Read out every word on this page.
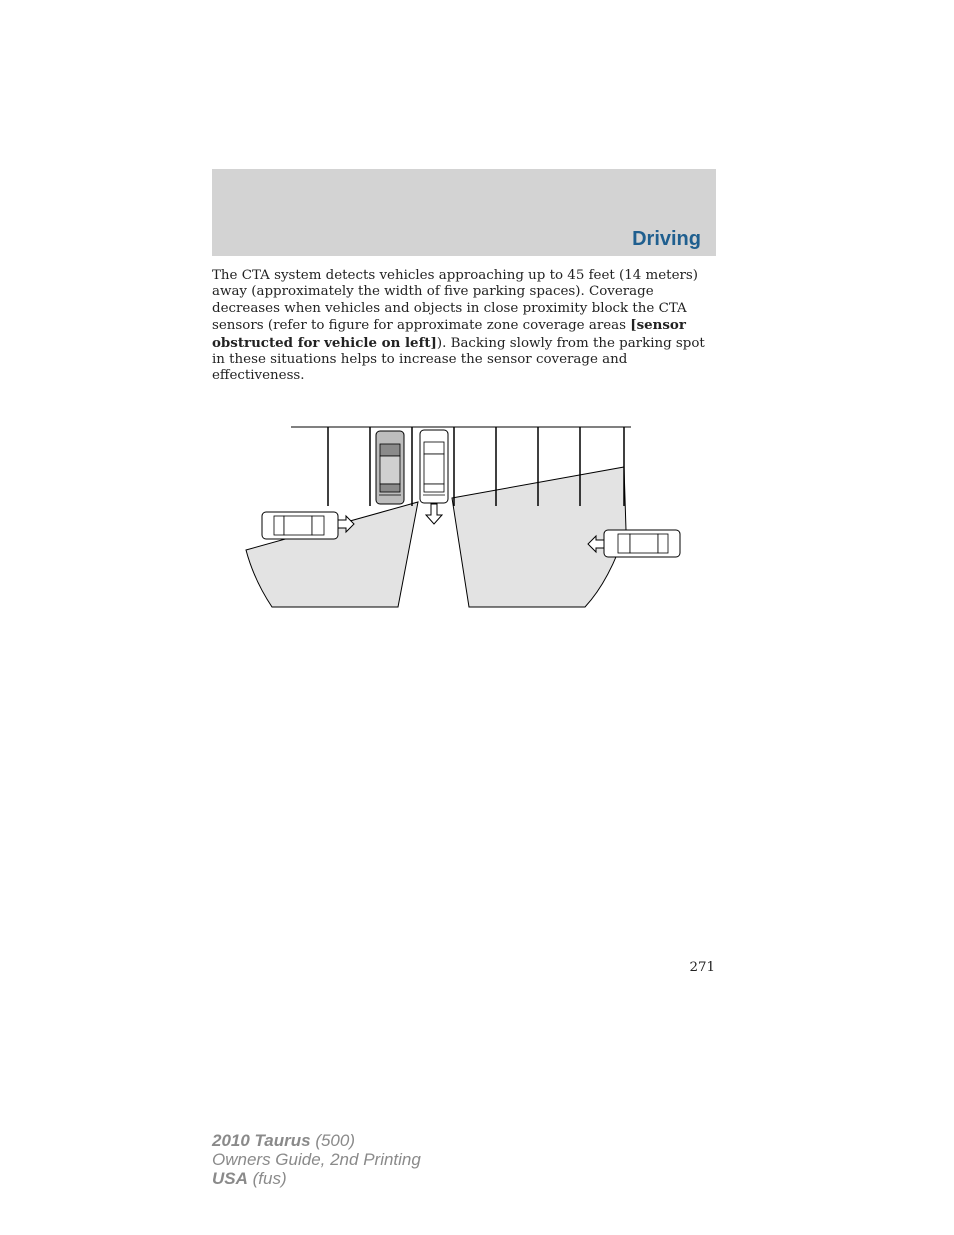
Driving
The CTA system detects vehicles approaching up to 45 feet (14 meters) away (approximately the width of five parking spaces). Coverage decreases when vehicles and objects in close proximity block the CTA sensors (refer to figure for approximate zone coverage areas [sensor obstructed for vehicle on left]). Backing slowly from the parking spot in these situations helps to increase the sensor coverage and effectiveness.
271
2010 Taurus (500)
Owners Guide, 2nd Printing
USA (fus)
